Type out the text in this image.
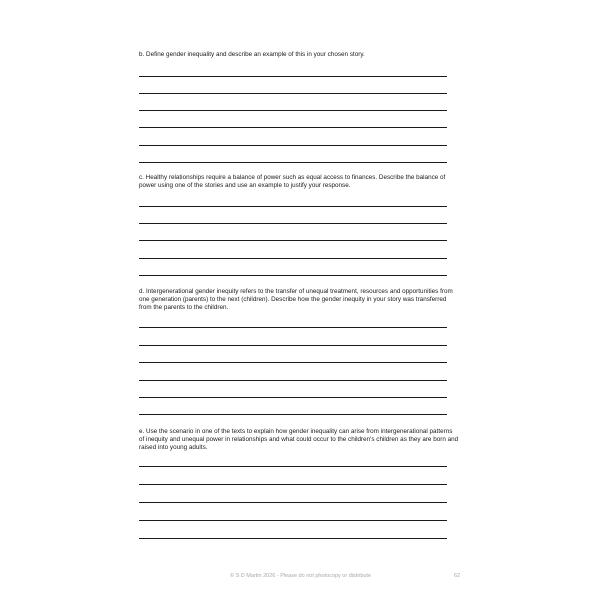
b. Define gender inequality and describe an example of this in your chosen story.

c. Healthy relationships require a balance of power such as equal access to finances. Describe the balance of power using one of the stories and use an example to justify your response.

d. Intergenerational gender inequity refers to the transfer of unequal treatment, resources and opportunities from one generation (parents) to the next (children). Describe how the gender inequity in your story was transferred from the parents to the children.

e. Use the scenario in one of the texts to explain how gender inequality can arise from intergenerational patterns of inequity and unequal power in relationships and what could occur to the children's children as they are born and raised into young adults.

© S D Martin 2026 - Please do not photocopy or distribute	62
